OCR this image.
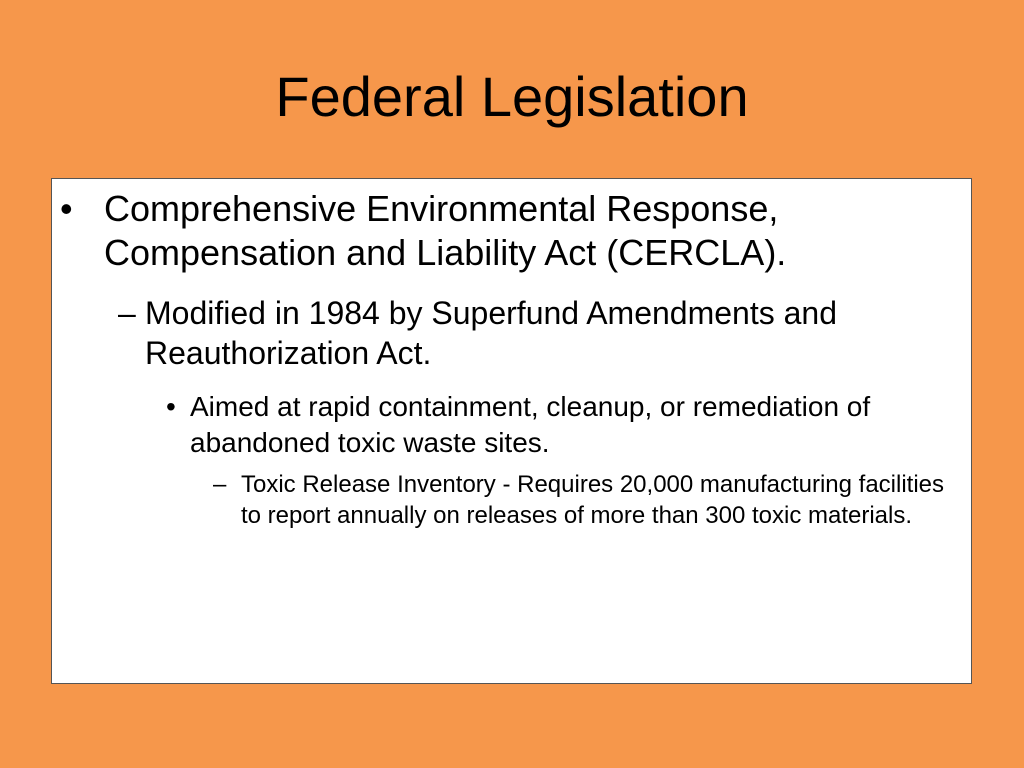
Federal Legislation
• Comprehensive Environmental Response, Compensation and Liability Act (CERCLA).
– Modified in 1984 by Superfund Amendments and Reauthorization Act.
• Aimed at rapid containment, cleanup, or remediation of abandoned toxic waste sites.
– Toxic Release Inventory - Requires 20,000 manufacturing facilities to report annually on releases of more than 300 toxic materials.
